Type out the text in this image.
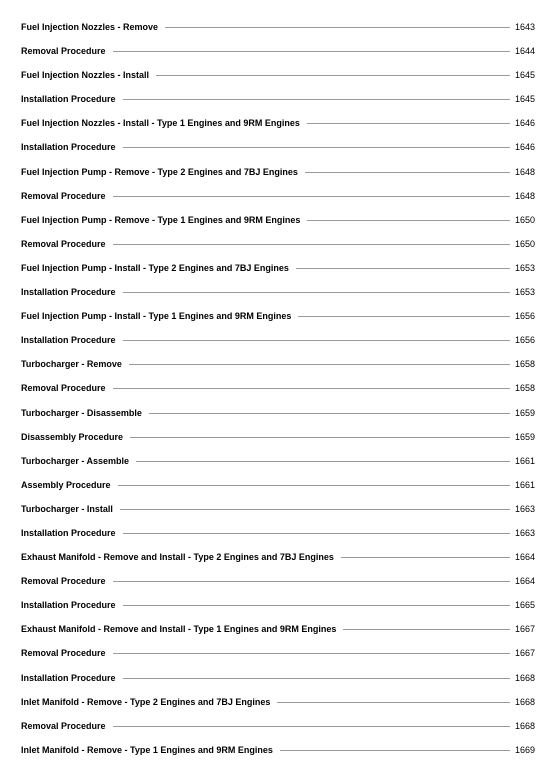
Fuel Injection Nozzles - Remove	1643
Removal Procedure	1644
Fuel Injection Nozzles - Install	1645
Installation Procedure	1645
Fuel Injection Nozzles - Install - Type 1 Engines and 9RM Engines	1646
Installation Procedure	1646
Fuel Injection Pump - Remove - Type 2 Engines and 7BJ Engines	1648
Removal Procedure	1648
Fuel Injection Pump - Remove - Type 1 Engines and 9RM Engines	1650
Removal Procedure	1650
Fuel Injection Pump - Install - Type 2 Engines and 7BJ Engines	1653
Installation Procedure	1653
Fuel Injection Pump - Install - Type 1 Engines and 9RM Engines	1656
Installation Procedure	1656
Turbocharger - Remove	1658
Removal Procedure	1658
Turbocharger - Disassemble	1659
Disassembly Procedure	1659
Turbocharger - Assemble	1661
Assembly Procedure	1661
Turbocharger - Install	1663
Installation Procedure	1663
Exhaust Manifold - Remove and Install - Type 2 Engines and 7BJ Engines	1664
Removal Procedure	1664
Installation Procedure	1665
Exhaust Manifold - Remove and Install - Type 1 Engines and 9RM Engines	1667
Removal Procedure	1667
Installation Procedure	1668
Inlet Manifold - Remove - Type 2 Engines and 7BJ Engines	1668
Removal Procedure	1668
Inlet Manifold - Remove - Type 1 Engines and 9RM Engines	1669
